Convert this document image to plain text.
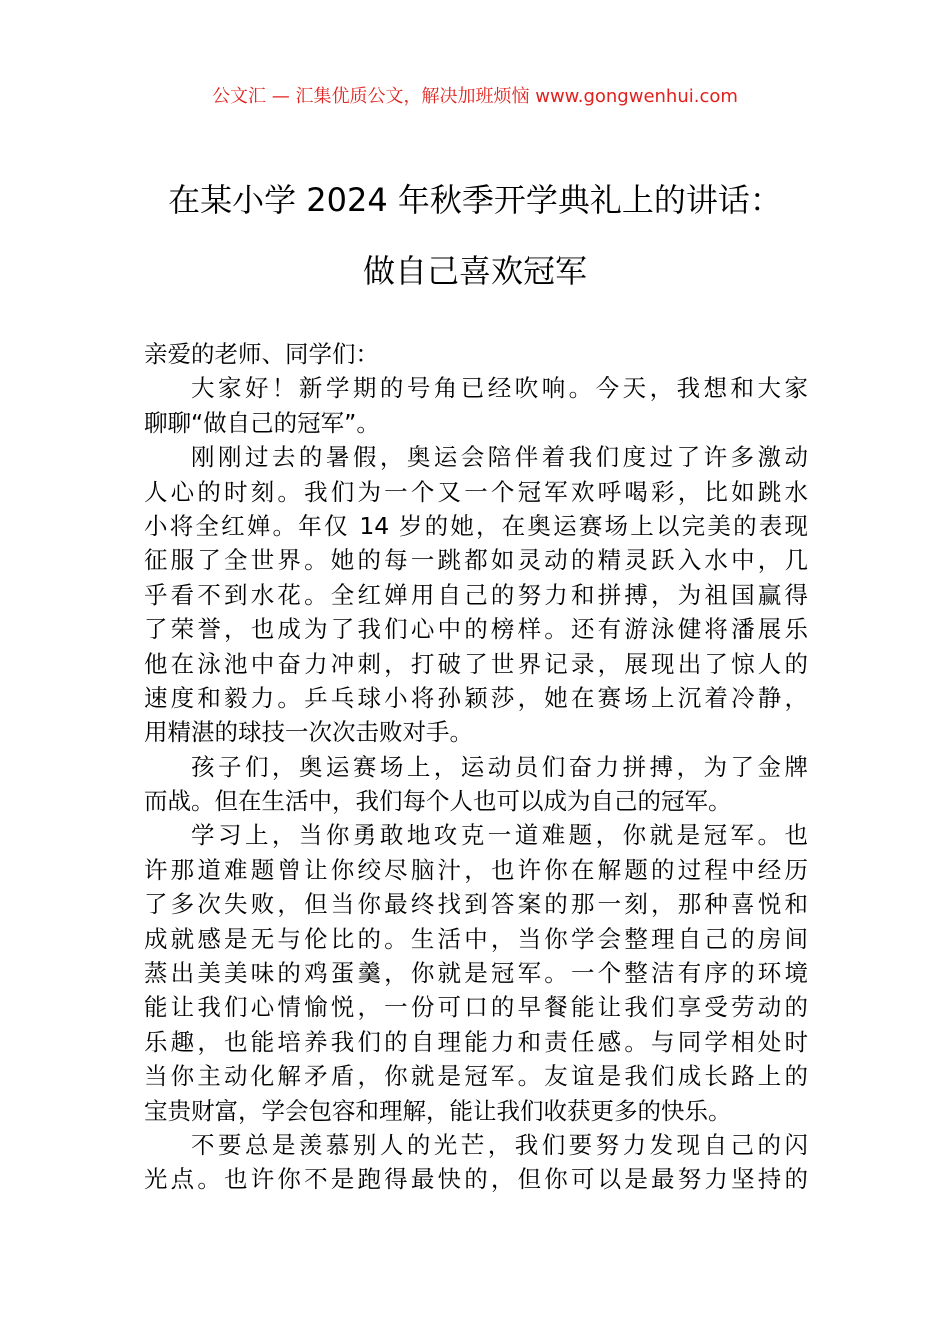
公文汇 — 汇集优质公文，解决加班烦恼 www.gongwenhui.com
在某小学 2024 年秋季开学典礼上的讲话：
做自己喜欢冠军
亲爱的老师、同学们：
大家好！新学期的号角已经吹响。今天，我想和大家
聊聊“做自己的冠军”。
刚刚过去的暑假，奥运会陪伴着我们度过了许多激动
人心的时刻。我们为一个又一个冠军欢呼喝彩，比如跳水
小将全红婵。年仅 14 岁的她，在奥运赛场上以完美的表现
征服了全世界。她的每一跳都如灵动的精灵跃入水中，几
乎看不到水花。全红婵用自己的努力和拼搏，为祖国赢得
了荣誉，也成为了我们心中的榜样。还有游泳健将潘展乐
他在泳池中奋力冲刺，打破了世界记录，展现出了惊人的
速度和毅力。乒乓球小将孙颖莎，她在赛场上沉着冷静，
用精湛的球技一次次击败对手。
孩子们，奥运赛场上，运动员们奋力拼搏，为了金牌
而战。但在生活中，我们每个人也可以成为自己的冠军。
学习上，当你勇敢地攻克一道难题，你就是冠军。也
许那道难题曾让你绞尽脑汁，也许你在解题的过程中经历
了多次失败，但当你最终找到答案的那一刻，那种喜悦和
成就感是无与伦比的。生活中，当你学会整理自己的房间
蒸出美美味的鸡蛋羹，你就是冠军。一个整洁有序的环境
能让我们心情愉悦，一份可口的早餐能让我们享受劳动的
乐趣，也能培养我们的自理能力和责任感。与同学相处时
当你主动化解矛盾，你就是冠军。友谊是我们成长路上的
宝贵财富，学会包容和理解，能让我们收获更多的快乐。
不要总是羡慕别人的光芒，我们要努力发现自己的闪
光点。也许你不是跑得最快的，但你可以是最努力坚持的
